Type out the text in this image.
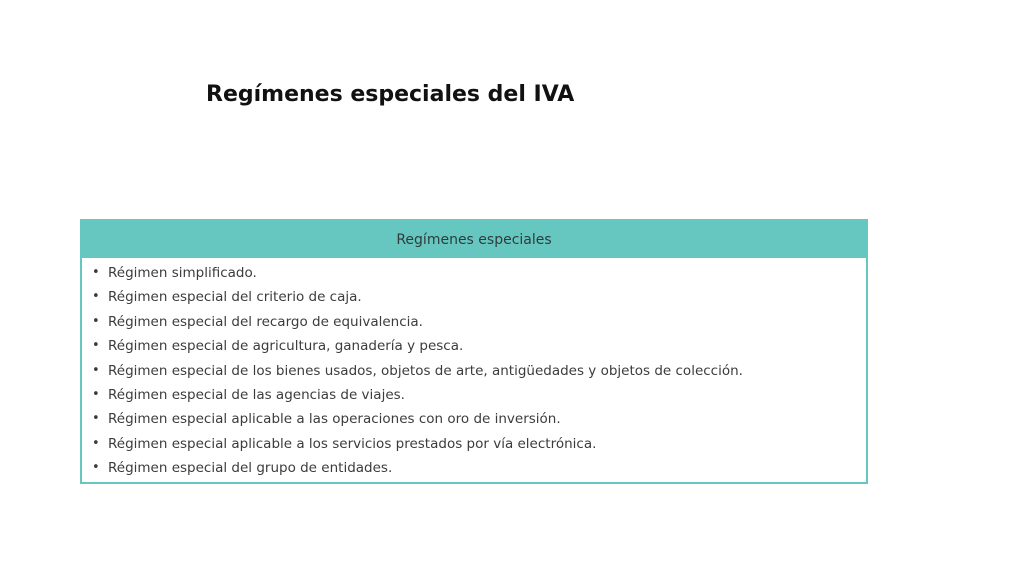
Regímenes especiales del IVA
Regímenes especiales
• Régimen simplificado.
• Régimen especial del criterio de caja.
• Régimen especial del recargo de equivalencia.
• Régimen especial de agricultura, ganadería y pesca.
• Régimen especial de los bienes usados, objetos de arte, antigüedades y objetos de colección.
• Régimen especial de las agencias de viajes.
• Régimen especial aplicable a las operaciones con oro de inversión.
• Régimen especial aplicable a los servicios prestados por vía electrónica.
• Régimen especial del grupo de entidades.
